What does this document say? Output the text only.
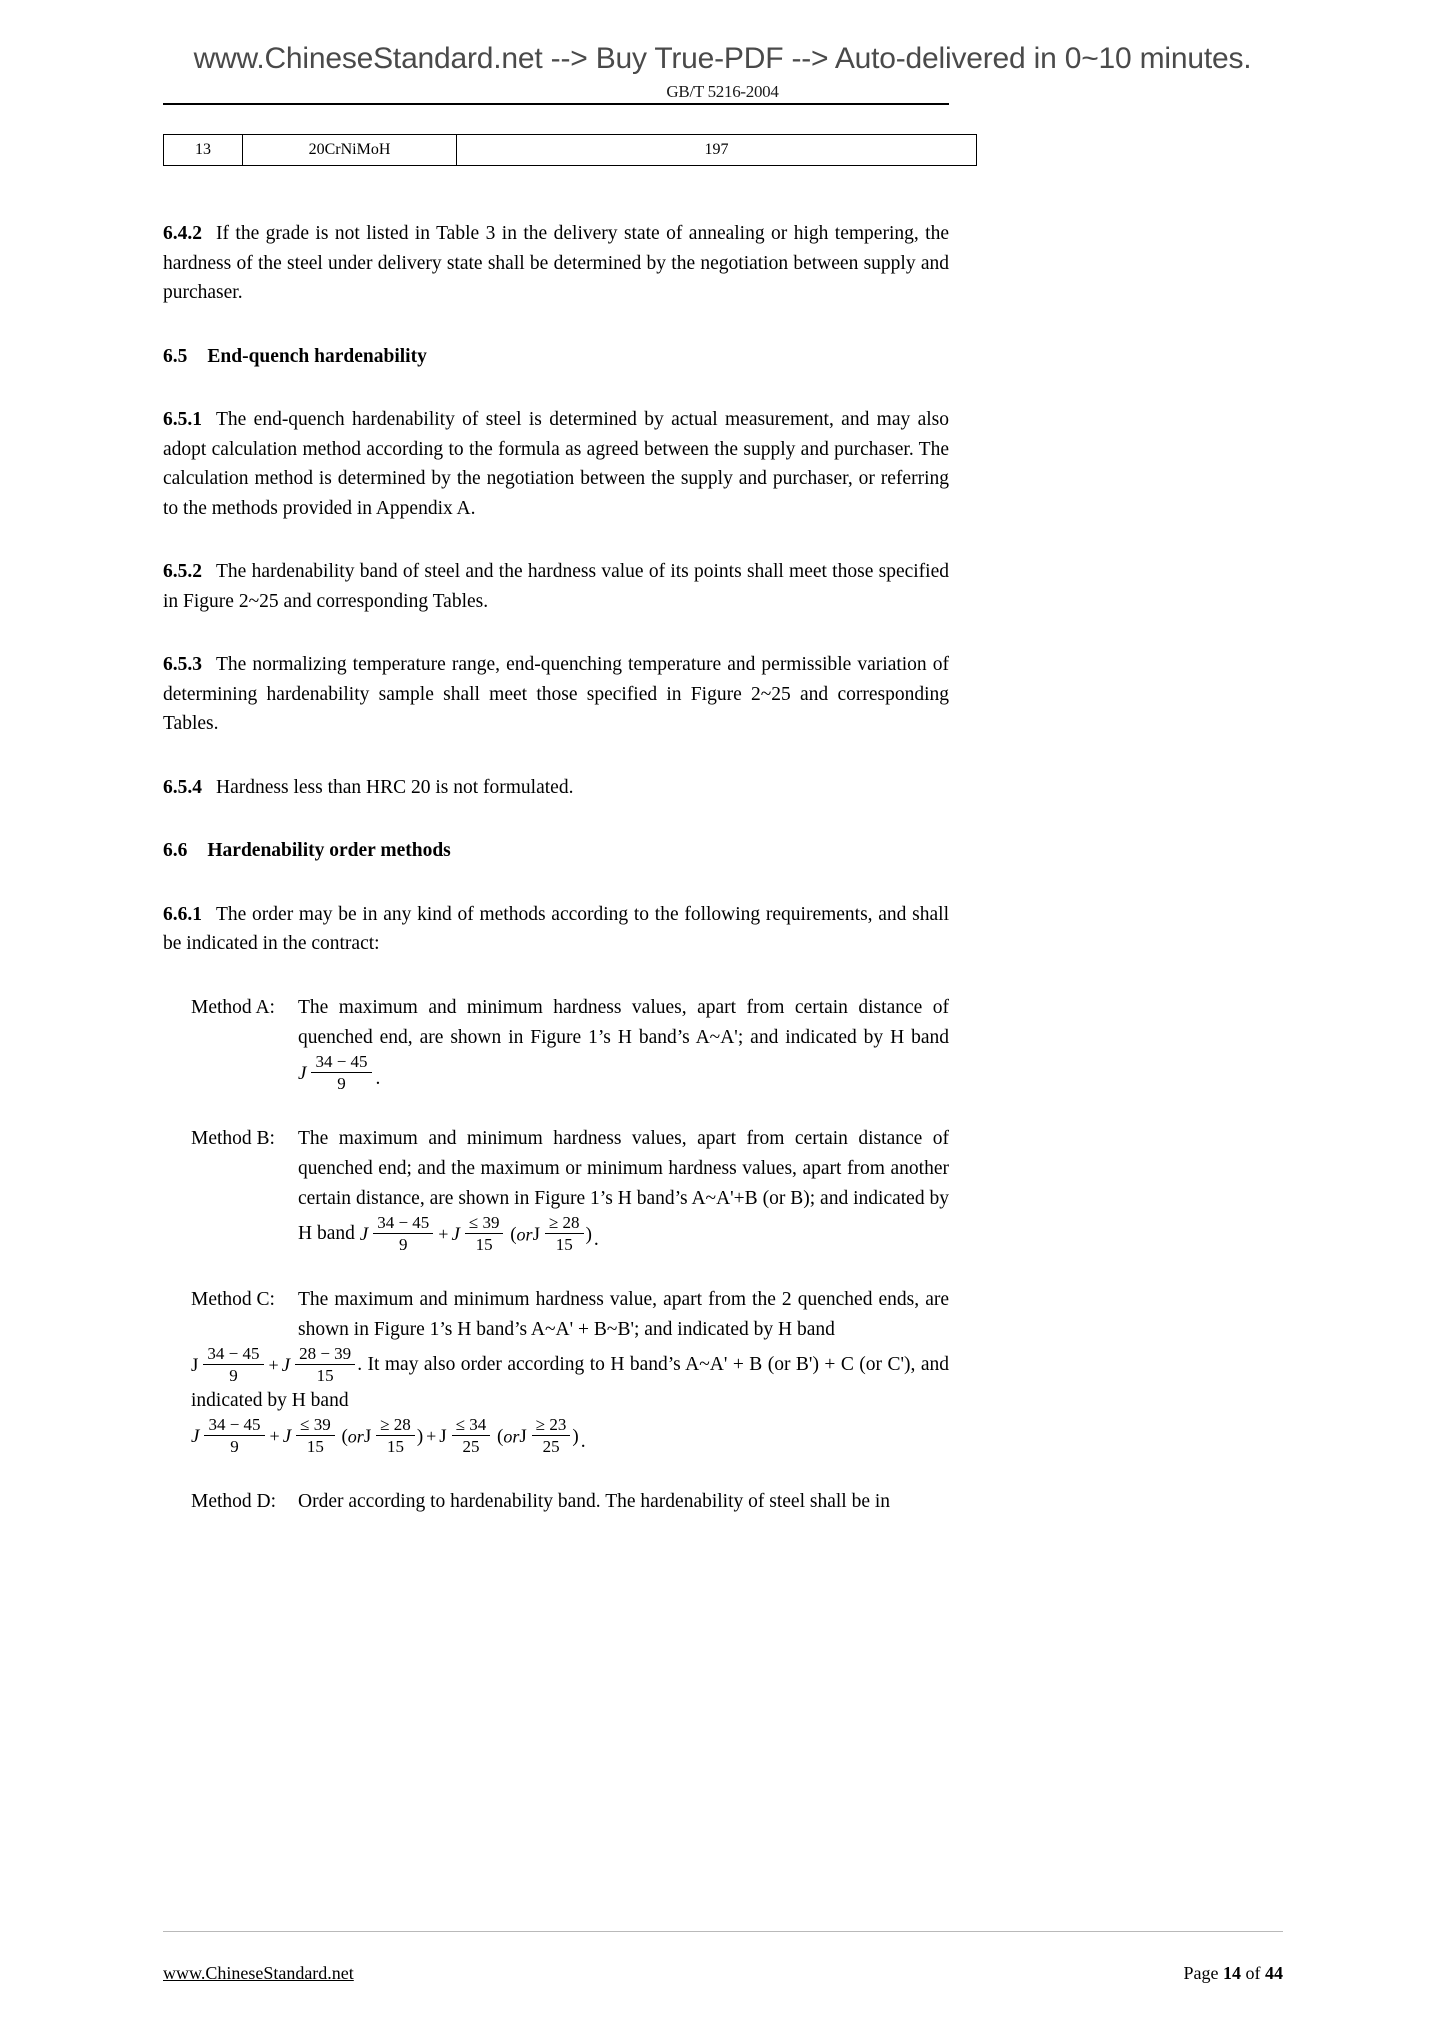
www.ChineseStandard.net --> Buy True-PDF --> Auto-delivered in 0~10 minutes.
GB/T 5216-2004
13	20CrNiMoH	197

6.4.2 If the grade is not listed in Table 3 in the delivery state of annealing or high tempering, the hardness of the steel under delivery state shall be determined by the negotiation between supply and purchaser.

6.5 End-quench hardenability

6.5.1 The end-quench hardenability of steel is determined by actual measurement, and may also adopt calculation method according to the formula as agreed between the supply and purchaser. The calculation method is determined by the negotiation between the supply and purchaser, or referring to the methods provided in Appendix A.

6.5.2 The hardenability band of steel and the hardness value of its points shall meet those specified in Figure 2~25 and corresponding Tables.

6.5.3 The normalizing temperature range, end-quenching temperature and permissible variation of determining hardenability sample shall meet those specified in Figure 2~25 and corresponding Tables.

6.5.4 Hardness less than HRC 20 is not formulated.

6.6 Hardenability order methods

6.6.1 The order may be in any kind of methods according to the following requirements, and shall be indicated in the contract:

Method A:	The maximum and minimum hardness values, apart from certain distance of quenched end, are shown in Figure 1’s H band’s A~A'; and indicated by H band J $\frac{34 - 45}{9}$ .
Method B:	The maximum and minimum hardness values, apart from certain distance of quenched end; and the maximum or minimum hardness values, apart from another certain distance, are shown in Figure 1’s H band’s A~A'+B (or B); and indicated by H band J $\frac{34 - 45}{9} + J \frac{\le 39}{15} (orJ \frac{\ge 28}{15}$ ) .
Method C:	The maximum and minimum hardness value, apart from the 2 quenched ends, are shown in Figure 1’s H band’s A~A' + B~B'; and indicated by H band
J $\frac{34 - 45}{9} + J \frac{28 - 39}{15}$ . It may also order according to H band’s A~A' + B (or B') + C (or C'), and indicated by H band
J $\frac{34 - 45}{9} + J \frac{\le 39}{15} (orJ \frac{\ge 28}{15}$ ) + J $\frac{\le 34}{25} (orJ \frac{\ge 23}{25}$ ) .
Method D:	Order according to hardenability band. The hardenability of steel shall be in
www.ChineseStandard.net	Page 14 of 44
